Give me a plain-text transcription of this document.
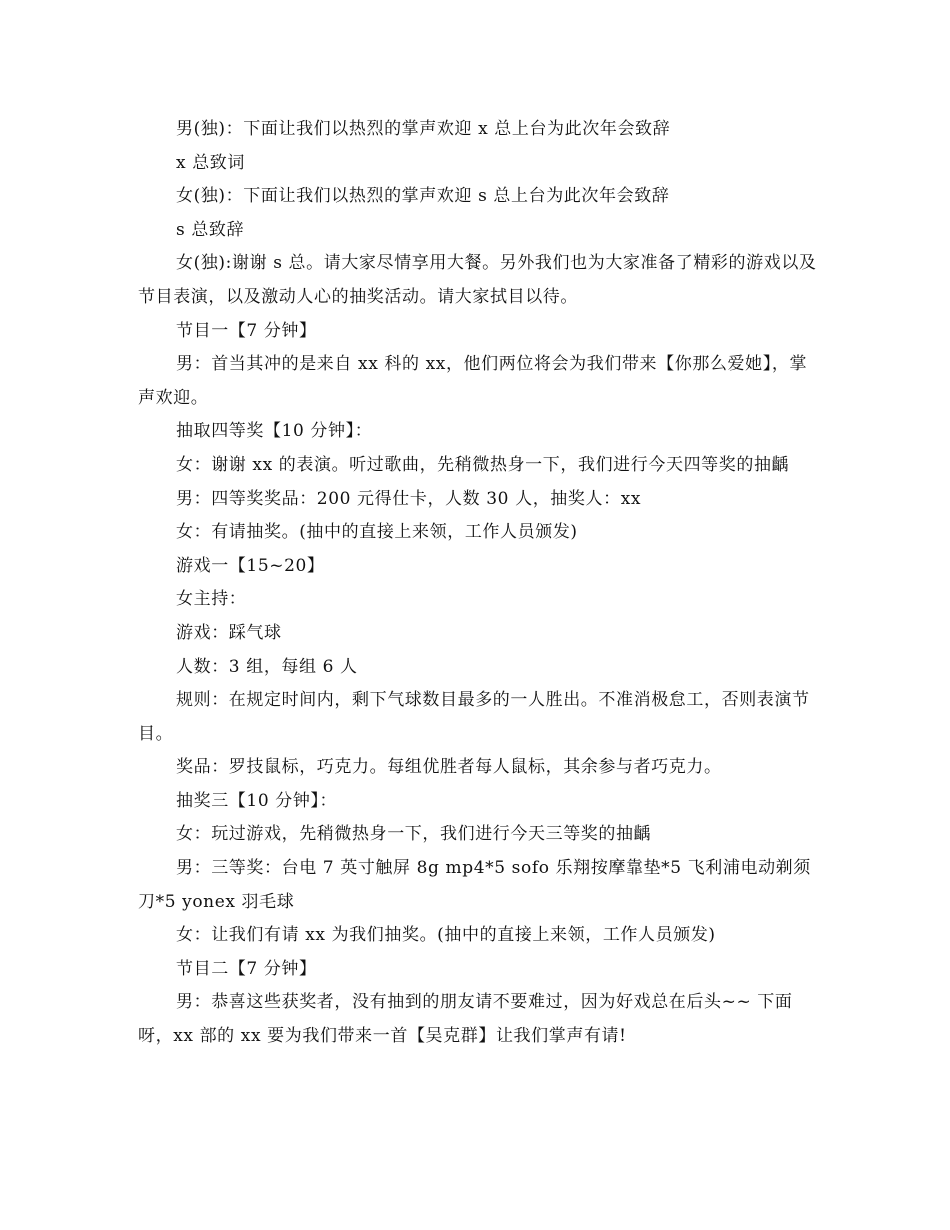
男(独)：下面让我们以热烈的掌声欢迎 x 总上台为此次年会致辞

x 总致词

女(独)：下面让我们以热烈的掌声欢迎 s 总上台为此次年会致辞

s 总致辞

女(独):谢谢 s 总。请大家尽情享用大餐。另外我们也为大家准备了精彩的游戏以及节目表演，以及激动人心的抽奖活动。请大家拭目以待。

节目一【7 分钟】

男：首当其冲的是来自 xx 科的 xx，他们两位将会为我们带来【你那么爱她】，掌声欢迎。

抽取四等奖【10 分钟】：

女：谢谢 xx 的表演。听过歌曲，先稍微热身一下，我们进行今天四等奖的抽齲

男：四等奖奖品：200 元得仕卡，人数 30 人，抽奖人：xx

女：有请抽奖。(抽中的直接上来领，工作人员颁发)

游戏一【15~20】

女主持：

游戏：踩气球

人数：3 组，每组 6 人

规则：在规定时间内，剩下气球数目最多的一人胜出。不准消极怠工，否则表演节目。

奖品：罗技鼠标，巧克力。每组优胜者每人鼠标，其余参与者巧克力。

抽奖三【10 分钟】：

女：玩过游戏，先稍微热身一下，我们进行今天三等奖的抽齲

男：三等奖：台电 7 英寸触屏 8g mp4*5 sofo 乐翔按摩靠垫*5 飞利浦电动剃须刀*5 yonex 羽毛球

女：让我们有请 xx 为我们抽奖。(抽中的直接上来领，工作人员颁发)

节目二【7 分钟】

男：恭喜这些获奖者，没有抽到的朋友请不要难过，因为好戏总在后头~~ 下面呀，xx 部的 xx 要为我们带来一首【吴克群】让我们掌声有请!
